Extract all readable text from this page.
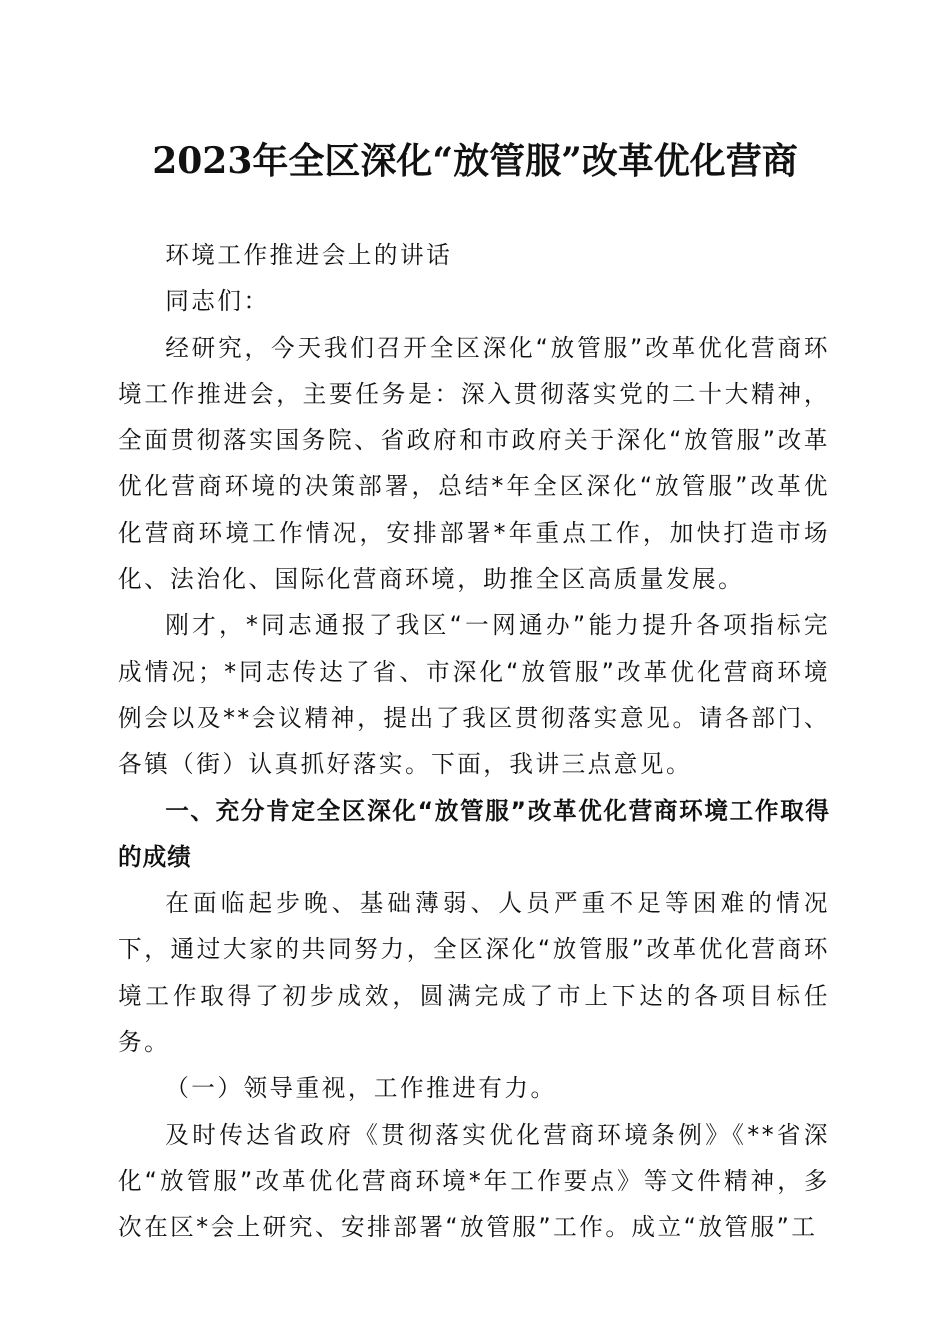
2023年全区深化“放管服”改革优化营商

环境工作推进会上的讲话

同志们：

经研究，今天我们召开全区深化“放管服”改革优化营商环境工作推进会，主要任务是：深入贯彻落实党的二十大精神，全面贯彻落实国务院、省政府和市政府关于深化“放管服”改革优化营商环境的决策部署，总结*年全区深化“放管服”改革优化营商环境工作情况，安排部署*年重点工作，加快打造市场化、法治化、国际化营商环境，助推全区高质量发展。

刚才，*同志通报了我区“一网通办”能力提升各项指标完成情况；*同志传达了省、市深化“放管服”改革优化营商环境例会以及**会议精神，提出了我区贯彻落实意见。请各部门、各镇（街）认真抓好落实。下面，我讲三点意见。

一、充分肯定全区深化“放管服”改革优化营商环境工作取得的成绩

在面临起步晚、基础薄弱、人员严重不足等困难的情况下，通过大家的共同努力，全区深化“放管服”改革优化营商环境工作取得了初步成效，圆满完成了市上下达的各项目标任务。

（一）领导重视，工作推进有力。

及时传达省政府《贯彻落实优化营商环境条例》《**省深化“放管服”改革优化营商环境*年工作要点》等文件精神，多次在区*会上研究、安排部署“放管服”工作。成立“放管服”工
